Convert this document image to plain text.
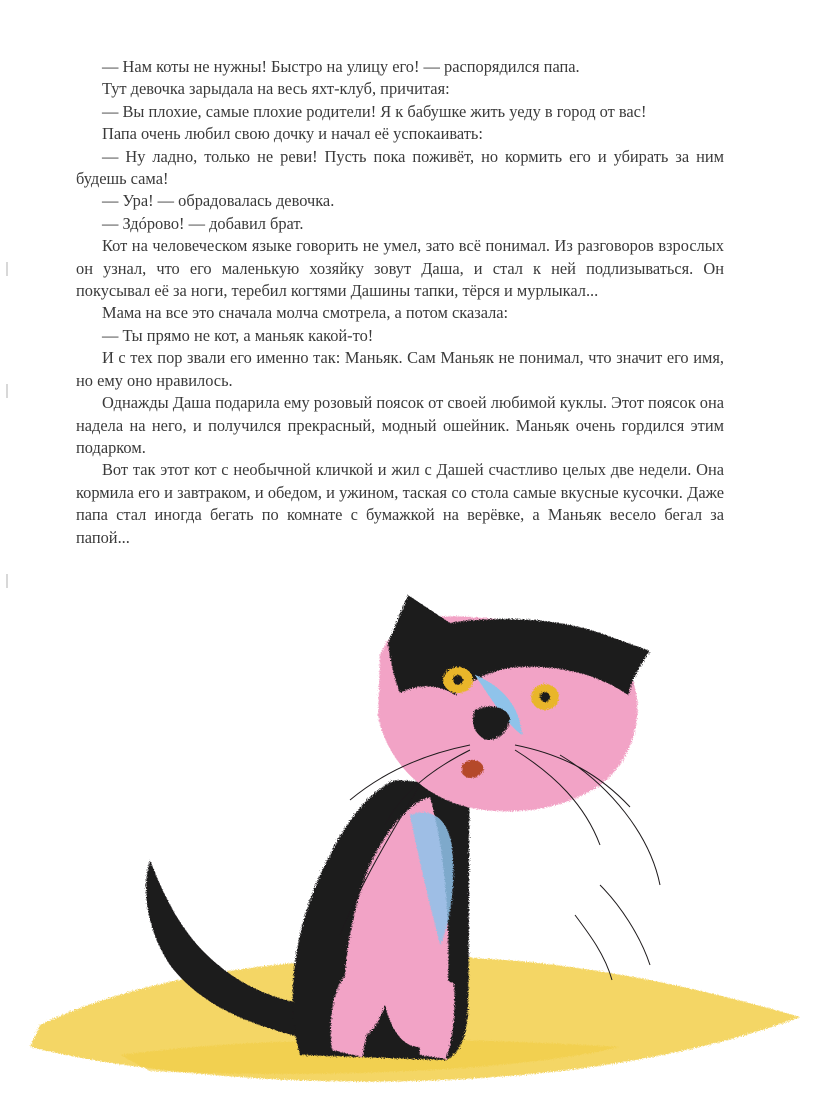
— Нам коты не нужны! Быстро на улицу его! — распорядился папа.

Тут девочка зарыдала на весь яхт-клуб, причитая:

— Вы плохие, самые плохие родители! Я к бабушке жить уеду в город от вас!

Папа очень любил свою дочку и начал её успокаивать:

— Ну ладно, только не реви! Пусть пока поживёт, но кормить его и убирать за ним будешь сама!

— Ура! — обрадовалась девочка.

— Здóрово! — добавил брат.

Кот на человеческом языке говорить не умел, зато всё понимал. Из разговоров взрослых он узнал, что его маленькую хозяйку зовут Даша, и стал к ней подлизываться. Он покусывал её за ноги, теребил когтями Дашины тапки, тёрся и мурлыкал...

Мама на все это сначала молча смотрела, а потом сказала:

— Ты прямо не кот, а маньяк какой-то!

И с тех пор звали его именно так: Маньяк. Сам Маньяк не понимал, что значит его имя, но ему оно нравилось.

Однажды Даша подарила ему розовый поясок от своей любимой куклы. Этот поясок она надела на него, и получился прекрасный, модный ошейник. Маньяк очень гордился этим подарком.

Вот так этот кот с необычной кличкой и жил с Дашей счастливо целых две недели. Она кормила его и завтраком, и обедом, и ужином, таская со стола самые вкусные кусочки. Даже папа стал иногда бегать по комнате с бумажкой на верёвке, а Маньяк весело бегал за папой...
